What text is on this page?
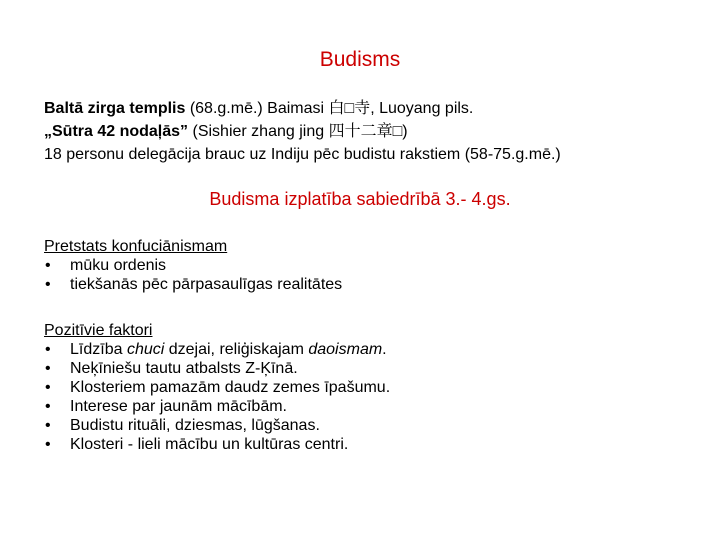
Budisms
Baltā zirga templis (68.g.mē.) Baimasi 白□寺, Luoyang pils.
„Sūtra 42 nodaļās” (Sishier zhang jing 四十二章□)
18 personu delegācija brauc uz Indiju pēc budistu rakstiem (58-75.g.mē.)
Budisma izplatība sabiedrībā 3.- 4.gs.
Pretstats konfuciānismam
• mūku ordenis
• tiekšanās pēc pārpasaulīgas realitātes
Pozitīvie faktori
• Līdzība chuci dzejai, reliģiskajam daoismam.
• Neķīniešu tautu atbalsts Z-Ķīnā.
• Klosteriem pamazām daudz zemes īpašumu.
• Interese par jaunām mācībām.
• Budistu rituāli, dziesmas, lūgšanas.
• Klosteri - lieli mācību un kultūras centri.
